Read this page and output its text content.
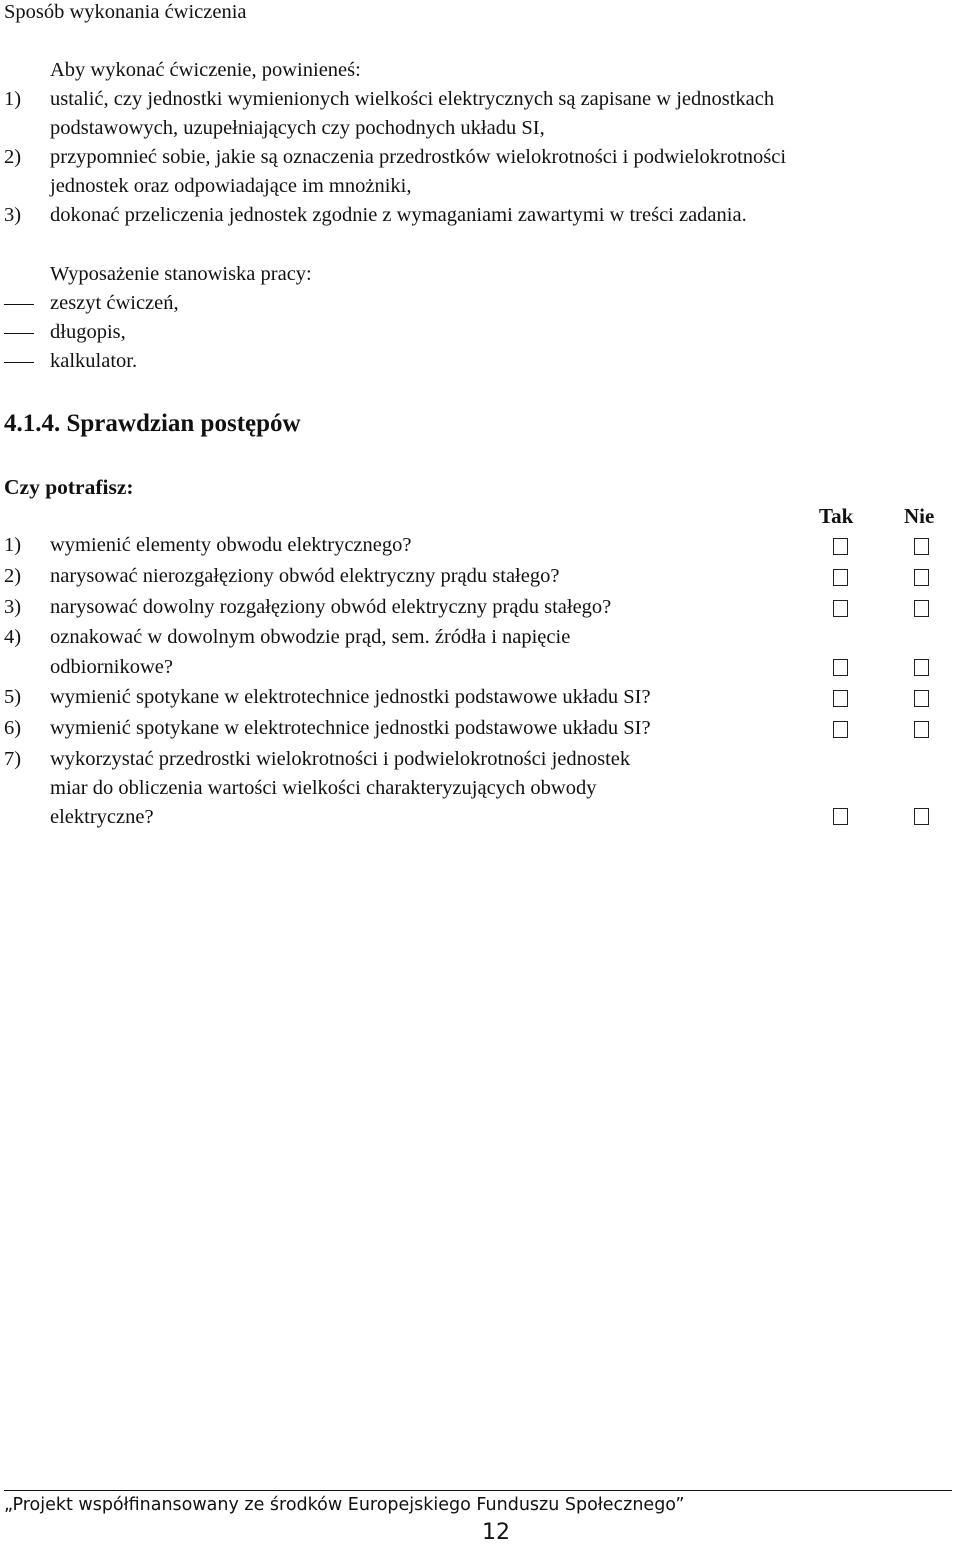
Sposób wykonania ćwiczenia
Aby wykonać ćwiczenie, powinieneś:
1) ustalić, czy jednostki wymienionych wielkości elektrycznych są zapisane w jednostkach
podstawowych, uzupełniających czy pochodnych układu SI,
2) przypomnieć sobie, jakie są oznaczenia przedrostków wielokrotności i podwielokrotności
jednostek oraz odpowiadające im mnożniki,
3) dokonać przeliczenia jednostek zgodnie z wymaganiami zawartymi w treści zadania.
Wyposażenie stanowiska pracy:
zeszyt ćwiczeń,
długopis,
kalkulator.
4.1.4. Sprawdzian postępów
Czy potrafisz:
Tak Nie
1) wymienić elementy obwodu elektrycznego?
2) narysować nierozgałęziony obwód elektryczny prądu stałego?
3) narysować dowolny rozgałęziony obwód elektryczny prądu stałego?
4) oznakować w dowolnym obwodzie prąd, sem. źródła i napięcie
odbiornikowe?
5) wymienić spotykane w elektrotechnice jednostki podstawowe układu SI?
6) wymienić spotykane w elektrotechnice jednostki podstawowe układu SI?
7) wykorzystać przedrostki wielokrotności i podwielokrotności jednostek
miar do obliczenia wartości wielkości charakteryzujących obwody
elektryczne?
„Projekt współfinansowany ze środków Europejskiego Funduszu Społecznego”
12
